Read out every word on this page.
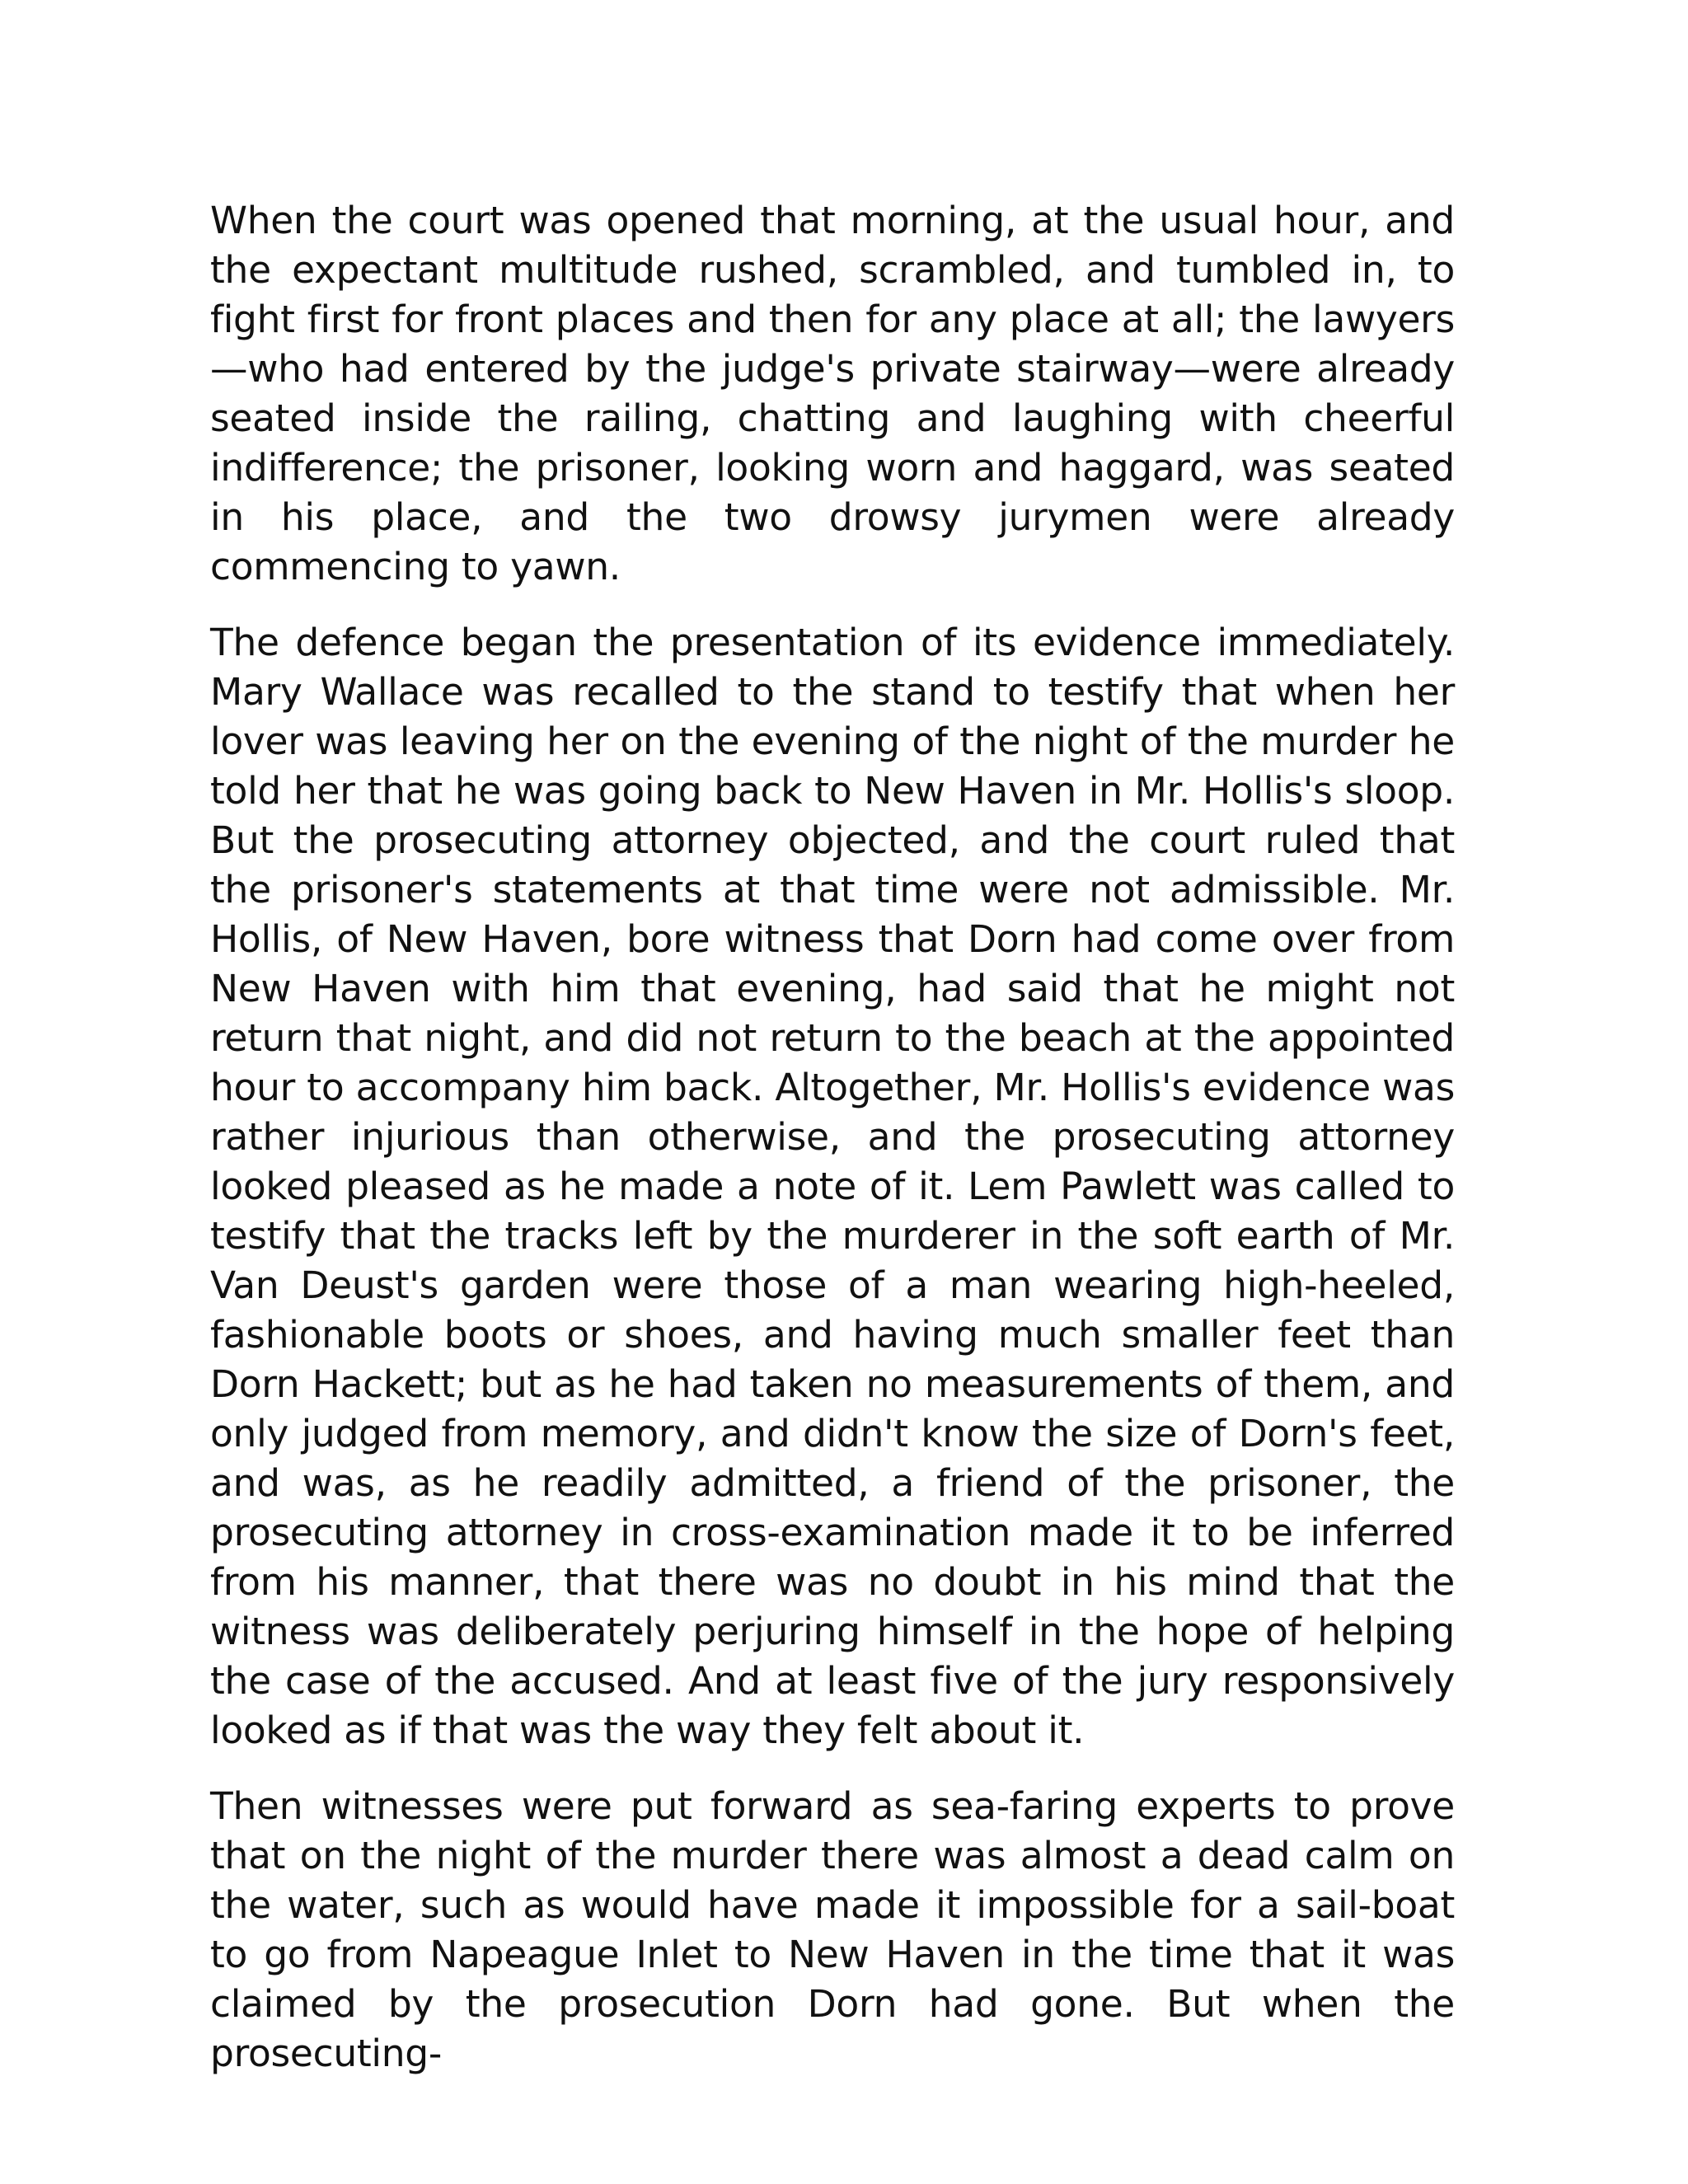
When the court was opened that morning, at the usual hour, and the expectant multitude rushed, scrambled, and tumbled in, to fight first for front places and then for any place at all; the lawyers—who had entered by the judge's private stairway—were already seated inside the railing, chatting and laughing with cheerful indifference; the prisoner, looking worn and haggard, was seated in his place, and the two drowsy jurymen were already commencing to yawn.

The defence began the presentation of its evidence immediately. Mary Wallace was recalled to the stand to testify that when her lover was leaving her on the evening of the night of the murder he told her that he was going back to New Haven in Mr. Hollis's sloop. But the prosecuting attorney objected, and the court ruled that the prisoner's statements at that time were not admissible. Mr. Hollis, of New Haven, bore witness that Dorn had come over from New Haven with him that evening, had said that he might not return that night, and did not return to the beach at the appointed hour to accompany him back. Altogether, Mr. Hollis's evidence was rather injurious than otherwise, and the prosecuting attorney looked pleased as he made a note of it. Lem Pawlett was called to testify that the tracks left by the murderer in the soft earth of Mr. Van Deust's garden were those of a man wearing high-heeled, fashionable boots or shoes, and having much smaller feet than Dorn Hackett; but as he had taken no measurements of them, and only judged from memory, and didn't know the size of Dorn's feet, and was, as he readily admitted, a friend of the prisoner, the prosecuting attorney in cross-examination made it to be inferred from his manner, that there was no doubt in his mind that the witness was deliberately perjuring himself in the hope of helping the case of the accused. And at least five of the jury responsively looked as if that was the way they felt about it.

Then witnesses were put forward as sea-faring experts to prove that on the night of the murder there was almost a dead calm on the water, such as would have made it impossible for a sail-boat to go from Napeague Inlet to New Haven in the time that it was claimed by the prosecution Dorn had gone. But when the prosecuting-
